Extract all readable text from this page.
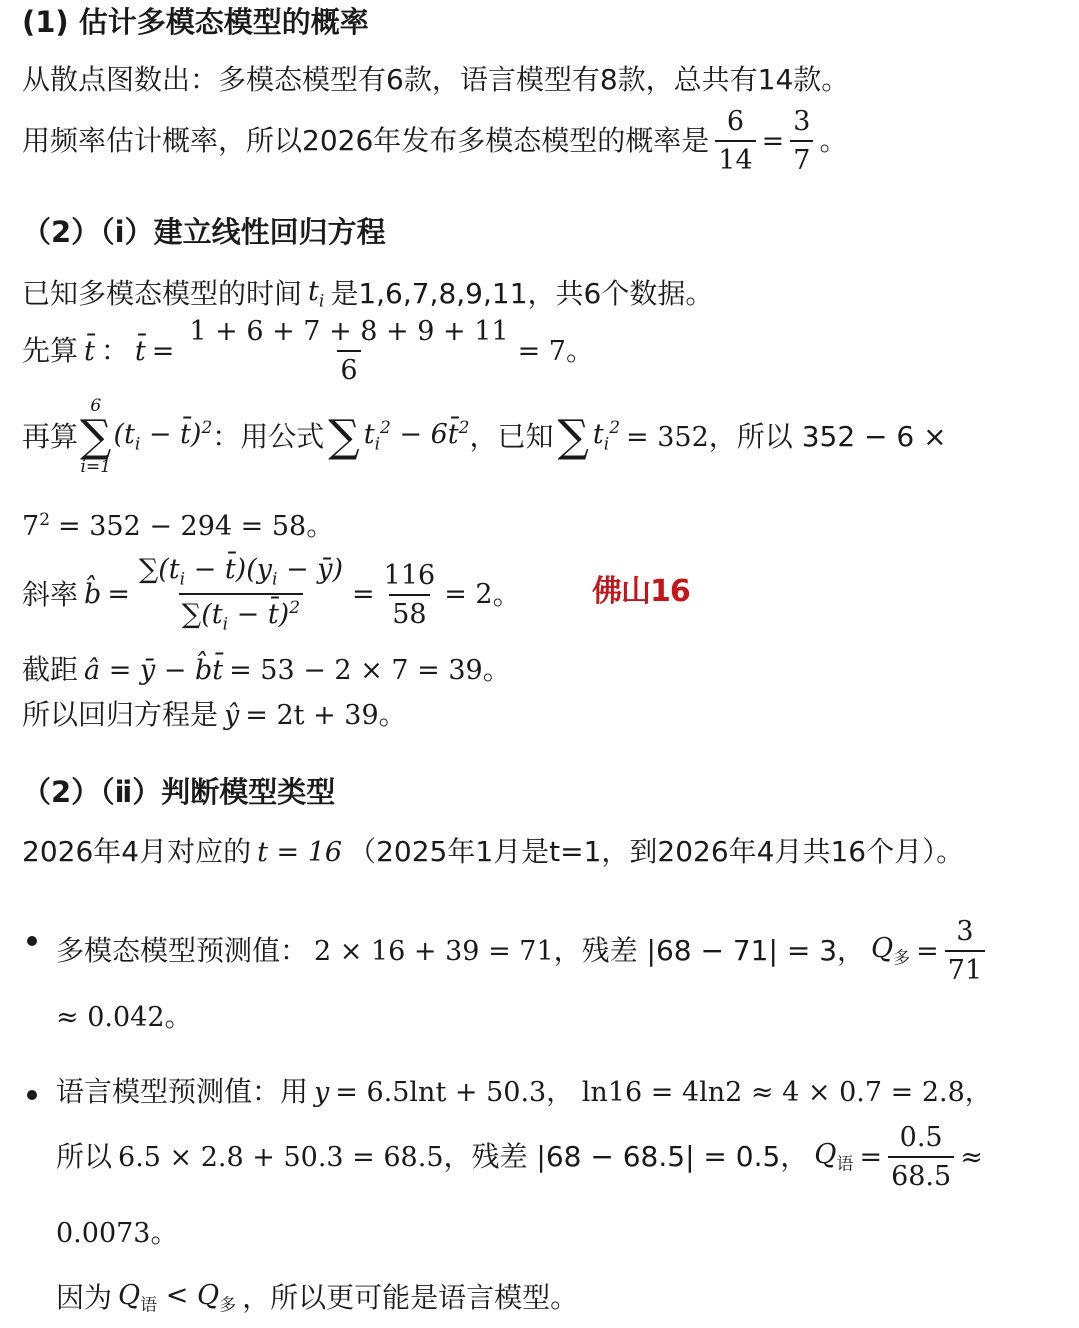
(1) 估计多模态模型的概率
从散点图数出：多模态模型有6款，语言模型有8款，总共有14款。
用频率估计概率，所以2026年发布多模态模型的概率是 $\frac{6}{14} = \frac{3}{7}$ 。
（2）（ⅰ）建立线性回归方程
已知多模态模型的时间 $t_i$ 是1,6,7,8,9,11，共6个数据。
先算 t̄ ： t̄ = $\frac{1 + 6 + 7 + 8 + 9 + 11}{6} = 7$ 。
再算
6
∑
i=1
($t_i$ − t̄)$^2$ ：用公式 ∑ $t_i^2$ − 6t̄$^2$ ，已知 ∑ $t_i^2 = 352$ ，所以 352 − 6 ×
$7^2 = 352 - 294 = 58$ 。
斜率 b̂ = $\frac{\sum(t_i - t̄)(y_i - ȳ)}{\sum(t_i - t̄)^2} = \frac{116}{58} = 2$ 。 佛山16
截距 â = ȳ − b̂t̄ = 53 − 2 × 7 = 39 。
所以回归方程是 ŷ = 2t + 39 。
（2）（ⅱ）判断模型类型
2026年4月对应的 t = 16 （2025年1月是t=1，到2026年4月共16个月）。
多模态模型预测值： 2 × 16 + 39 = 71 ，残差 |68 − 71| = 3， $Q_多 = \frac{3}{71}$
≈ 0.042 。
语言模型预测值：用 y = 6.5lnt + 50.3 ， ln16 = 4ln2 ≈ 4 × 0.7 = 2.8，
所以 6.5 × 2.8 + 50.3 = 68.5 ，残差 |68 − 68.5| = 0.5， $Q_语 = \frac{0.5}{68.5}$ ≈
0.0073 。
因为 $Q_语 < Q_多$ ，所以更可能是语言模型。
